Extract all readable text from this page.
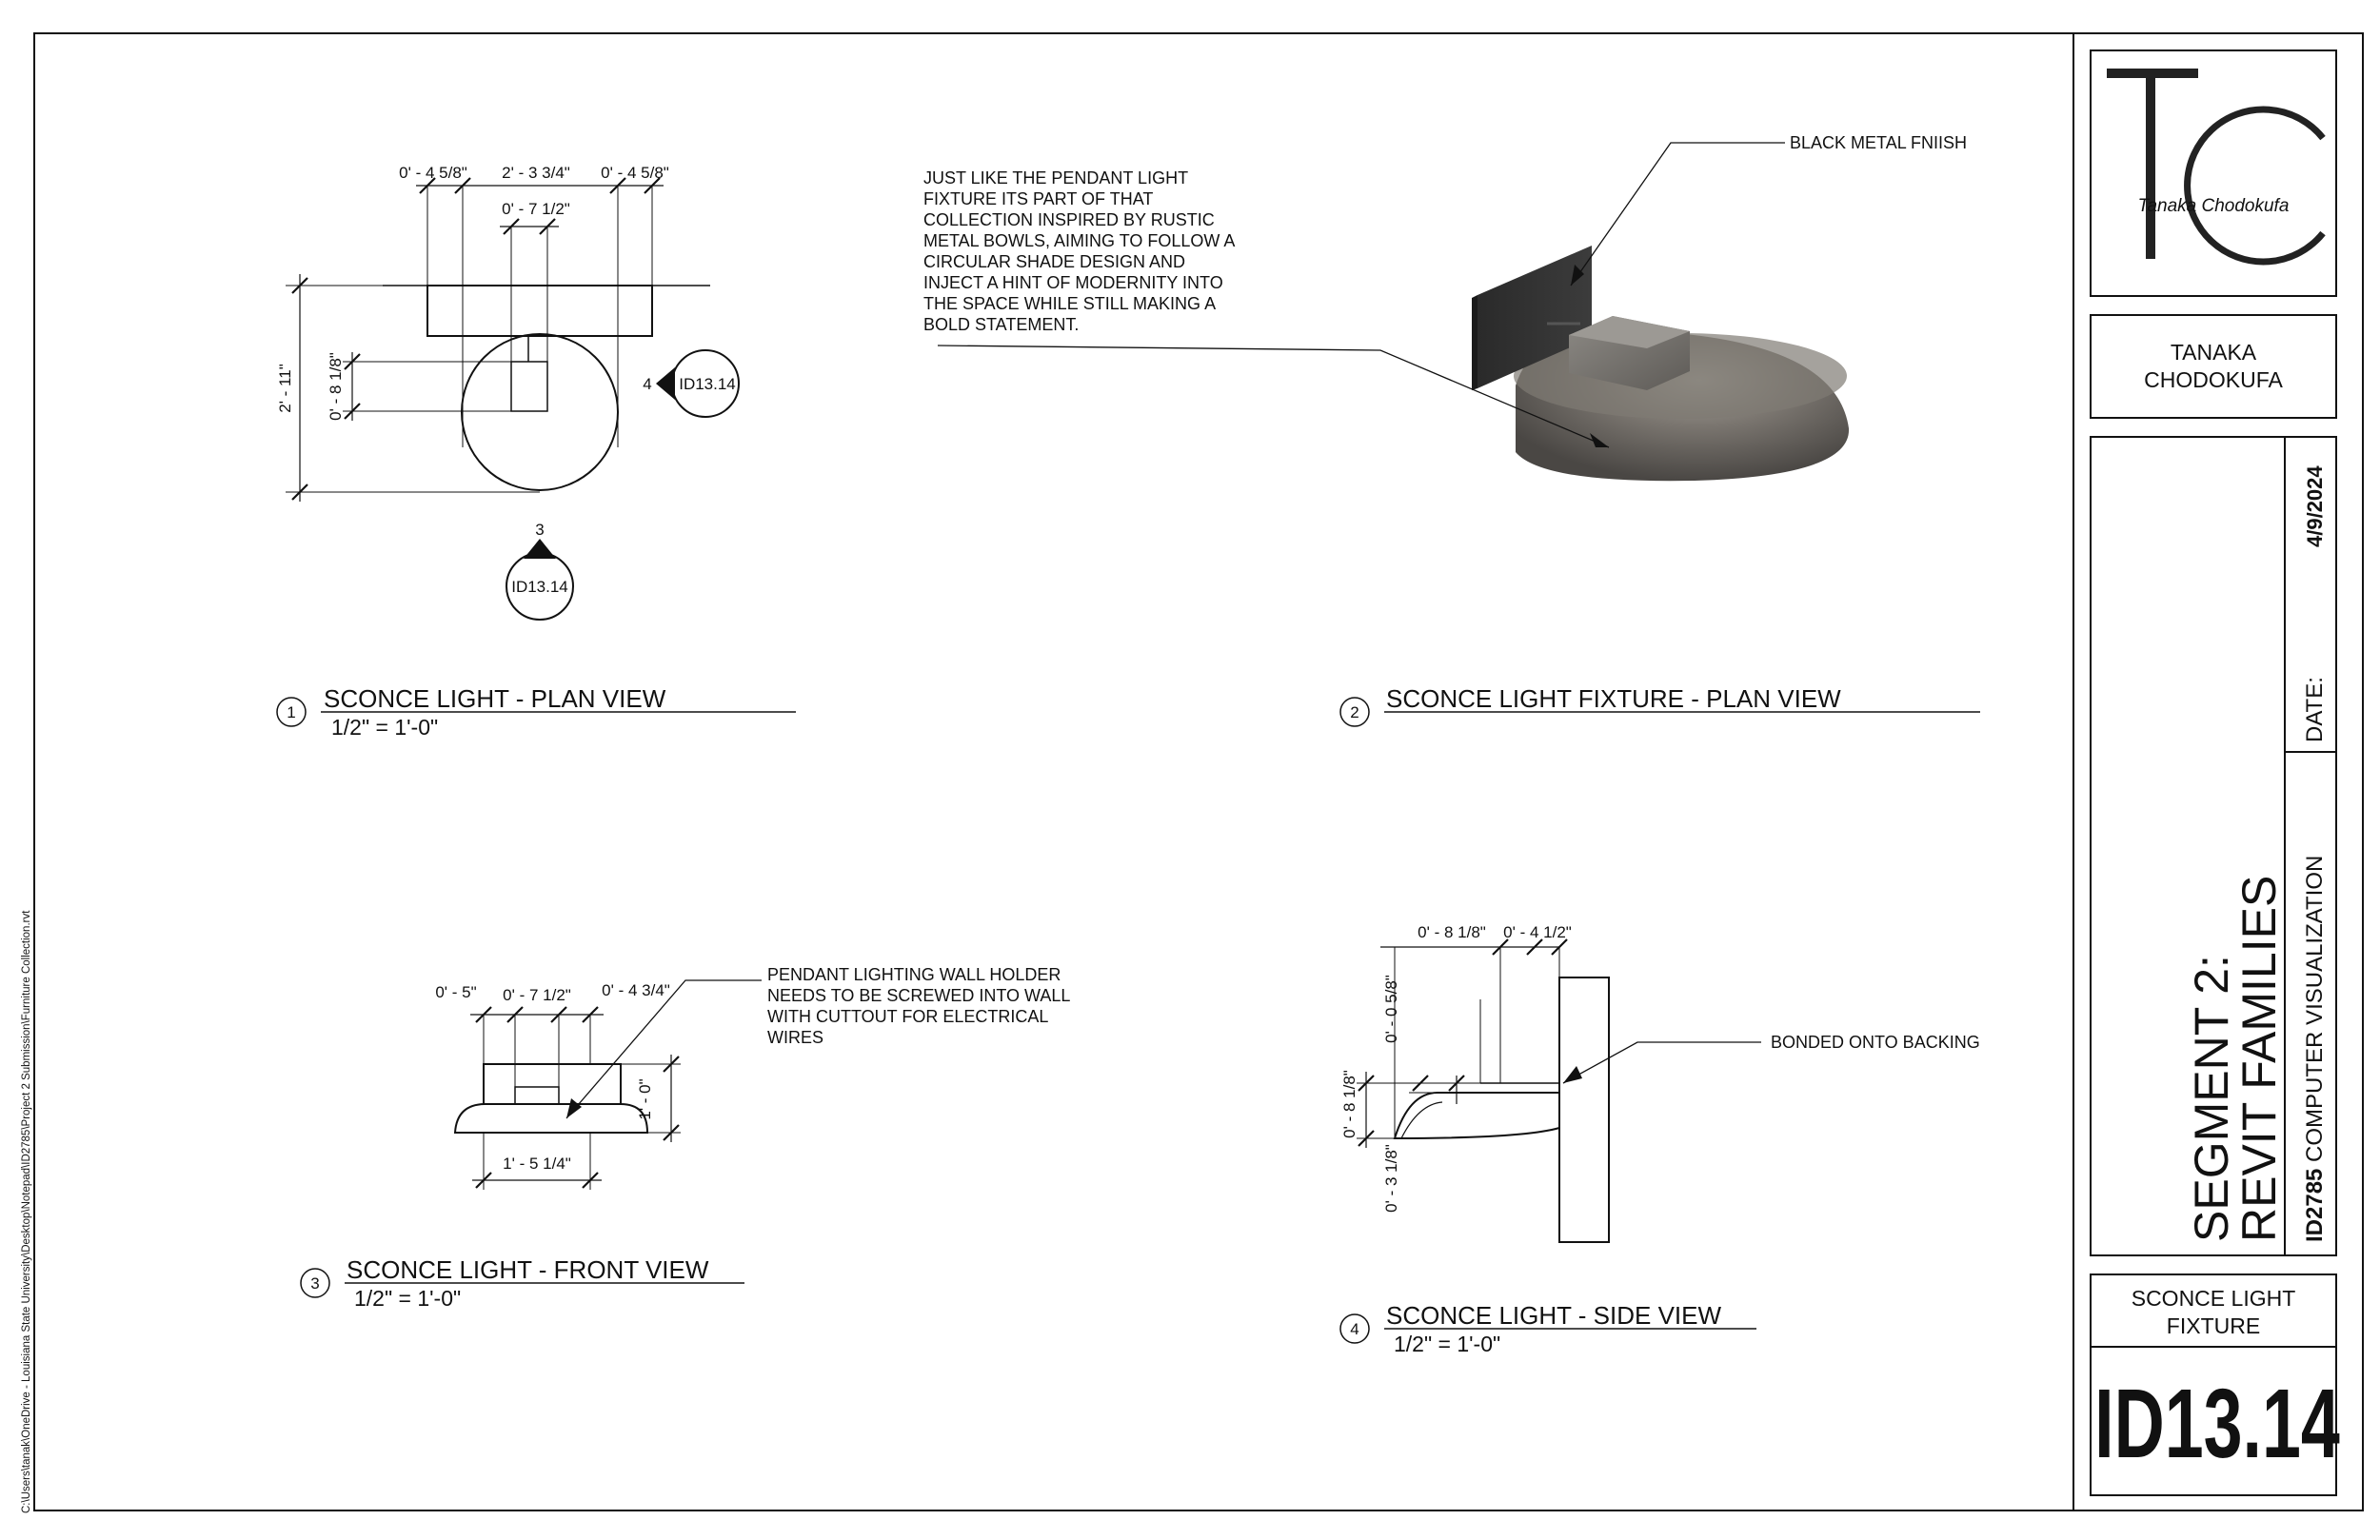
C:\Users\tanak\OneDrive - Louisiana State University\Desktop\Notepad\ID2785\Project 2 Submission\Furniture Collection.rvt
Tanaka Chodokufa
TANAKA
CHODOKUFA
SEGMENT 2:
REVIT FAMILIES ID2785 COMPUTER VISUALIZATION
DATE:
4/9/2024
SCONCE LIGHT
FIXTURE
ID13.14
0' - 4 5/8" 2' - 3 3/4" 0' - 4 5/8"
0' - 7 1/2"
2' - 11" 0' - 8 1/8"	4 ID13.14
3
ID13.14
1 SCONCE LIGHT - PLAN VIEW
1/2" = 1'-0"
JUST LIKE THE PENDANT LIGHT
FIXTURE ITS PART OF THAT
COLLECTION INSPIRED BY RUSTIC
METAL BOWLS, AIMING TO FOLLOW A
CIRCULAR SHADE DESIGN AND
INJECT A HINT OF MODERNITY INTO
THE SPACE WHILE STILL MAKING A
BOLD STATEMENT.
BLACK METAL FNIISH
2 SCONCE LIGHT FIXTURE - PLAN VIEW
0' - 5" 0' - 7 1/2" 0' - 4 3/4"
1' - 0"
1' - 5 1/4"
PENDANT LIGHTING WALL HOLDER
NEEDS TO BE SCREWED INTO WALL
WITH CUTTOUT FOR ELECTRICAL
WIRES
3 SCONCE LIGHT - FRONT VIEW
1/2" = 1'-0"
0' - 8 1/8" 0' - 4 1/2"
0' - 0 5/8"
0' - 8 1/8"
0' - 3 1/8"
BONDED ONTO BACKING
4 SCONCE LIGHT - SIDE VIEW
1/2" = 1'-0"
